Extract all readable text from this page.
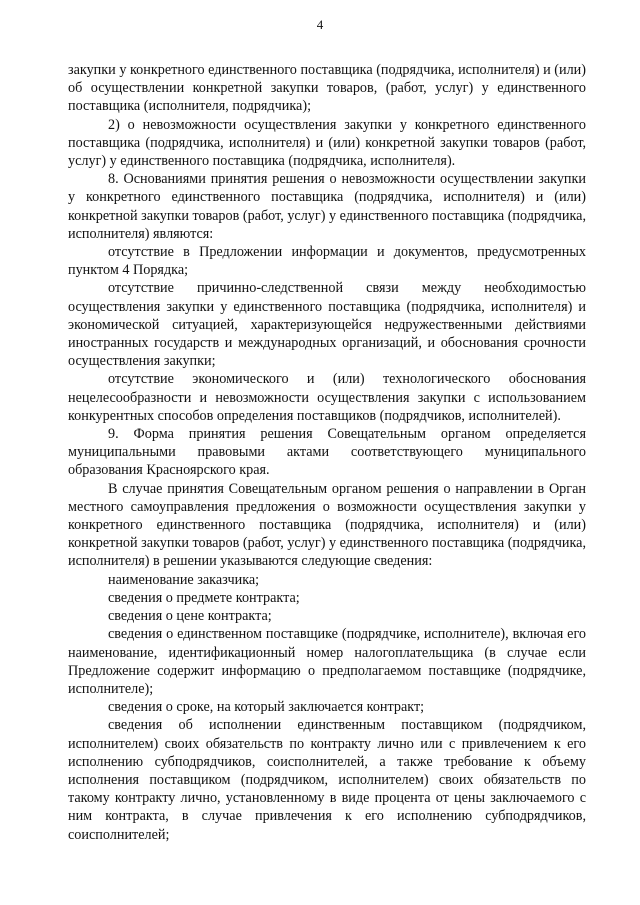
4

закупки у конкретного единственного поставщика (подрядчика, исполнителя) и (или) об осуществлении конкретной закупки товаров, (работ, услуг) у единственного поставщика (исполнителя, подрядчика);

2) о невозможности осуществления закупки у конкретного единственного поставщика (подрядчика, исполнителя) и (или) конкретной закупки товаров (работ, услуг) у единственного поставщика (подрядчика, исполнителя).

8. Основаниями принятия решения о невозможности осуществлении закупки у конкретного единственного поставщика (подрядчика, исполнителя) и (или) конкретной закупки товаров (работ, услуг) у единственного поставщика (подрядчика, исполнителя) являются:

отсутствие в Предложении информации и документов, предусмотренных пунктом 4 Порядка;

отсутствие причинно-следственной связи между необходимостью осуществления закупки у единственного поставщика (подрядчика, исполнителя) и экономической ситуацией, характеризующейся недружественными действиями иностранных государств и международных организаций, и обоснования срочности осуществления закупки;

отсутствие экономического и (или) технологического обоснования нецелесообразности и невозможности осуществления закупки с использованием конкурентных способов определения поставщиков (подрядчиков, исполнителей).

9. Форма принятия решения Совещательным органом определяется муниципальными правовыми актами соответствующего муниципального образования Красноярского края.

В случае принятия Совещательным органом решения о направлении в Орган местного самоуправления предложения о возможности осуществления закупки у конкретного единственного поставщика (подрядчика, исполнителя) и (или) конкретной закупки товаров (работ, услуг) у единственного поставщика (подрядчика, исполнителя) в решении указываются следующие сведения:

наименование заказчика;

сведения о предмете контракта;

сведения о цене контракта;

сведения о единственном поставщике (подрядчике, исполнителе), включая его наименование, идентификационный номер налогоплательщика (в случае если Предложение содержит информацию о предполагаемом поставщике (подрядчике, исполнителе);

сведения о сроке, на который заключается контракт;

сведения об исполнении единственным поставщиком (подрядчиком, исполнителем) своих обязательств по контракту лично или с привлечением к его исполнению субподрядчиков, соисполнителей, а также требование к объему исполнения поставщиком (подрядчиком, исполнителем) своих обязательств по такому контракту лично, установленному в виде процента от цены заключаемого с ним контракта, в случае привлечения к его исполнению субподрядчиков, соисполнителей;
